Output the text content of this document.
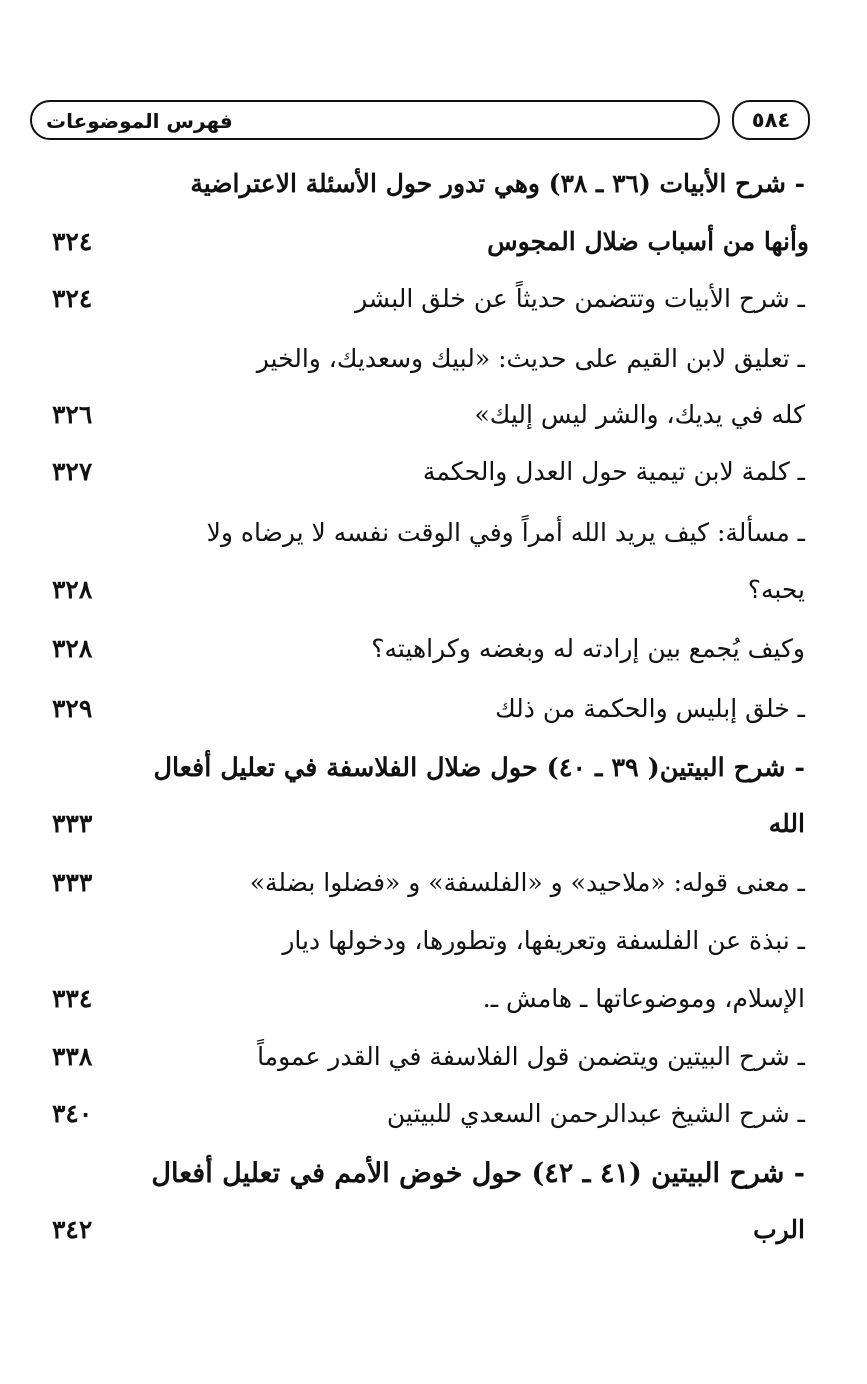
فهرس الموضوعات	٥٨٤
- شرح الأبيات (٣٦ ـ ٣٨) وهي تدور حول الأسئلة الاعتراضية
وأنها من أسباب ضلال المجوس
٣٢٤
ـ شرح الأبيات وتتضمن حديثاً عن خلق البشر
٣٢٤
ـ تعليق لابن القيم على حديث: «لبيك وسعديك، والخير
كله في يديك، والشر ليس إليك»
٣٢٦
ـ كلمة لابن تيمية حول العدل والحكمة
٣٢٧
ـ مسألة: كيف يريد الله أمراً وفي الوقت نفسه لا يرضاه ولا
يحبه؟
٣٢٨
وكيف يُجمع بين إرادته له وبغضه وكراهيته؟
٣٢٨
ـ خلق إبليس والحكمة من ذلك
٣٢٩
- شرح البيتين( ٣٩ ـ ٤٠) حول ضلال الفلاسفة في تعليل أفعال
الله
٣٣٣
ـ معنى قوله: «ملاحيد» و «الفلسفة» و «فضلوا بضلة»
٣٣٣
ـ نبذة عن الفلسفة وتعريفها، وتطورها، ودخولها ديار
الإسلام، وموضوعاتها ـ هامش ـ.
٣٣٤
ـ شرح البيتين ويتضمن قول الفلاسفة في القدر عموماً
٣٣٨
ـ شرح الشيخ عبدالرحمن السعدي للبيتين
٣٤٠
- شرح البيتين (٤١ ـ ٤٢) حول خوض الأمم في تعليل أفعال
الرب
٣٤٢
